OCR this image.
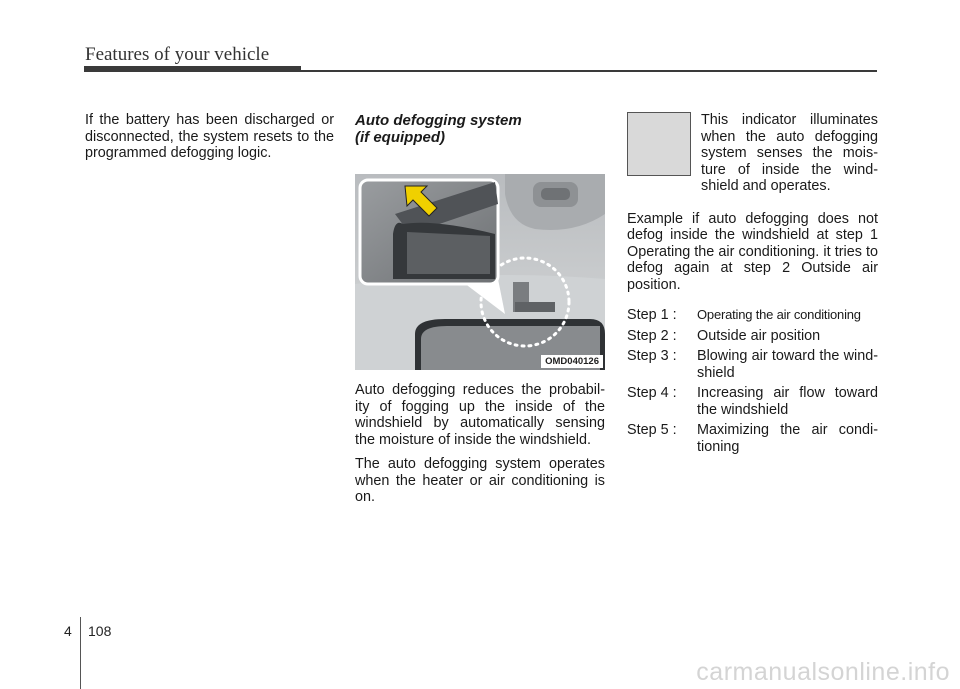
Features of your vehicle

If the battery has been discharged or disconnected, the system resets to the programmed defogging logic.

Auto defogging system
(if equipped)

OMD040126

Auto defogging reduces the probabil-ity of fogging up the inside of the windshield by automatically sensing the moisture of inside the windshield.

The auto defogging system operates when the heater or air conditioning is on.

This indicator illuminates when the auto defogging system senses the mois-ture of inside the wind-shield and operates.

Example if auto defogging does not defog inside the windshield at step 1 Operating the air conditioning. it tries to defog again at step 2 Outside air position.

Step 1 :	Operating the air conditioning
Step 2 :	Outside air position
Step 3 :	Blowing air toward the wind-shield
Step 4 :	Increasing air flow toward the windshield
Step 5 :	Maximizing the air condi-tioning
4 108
carmanualsonline.info
